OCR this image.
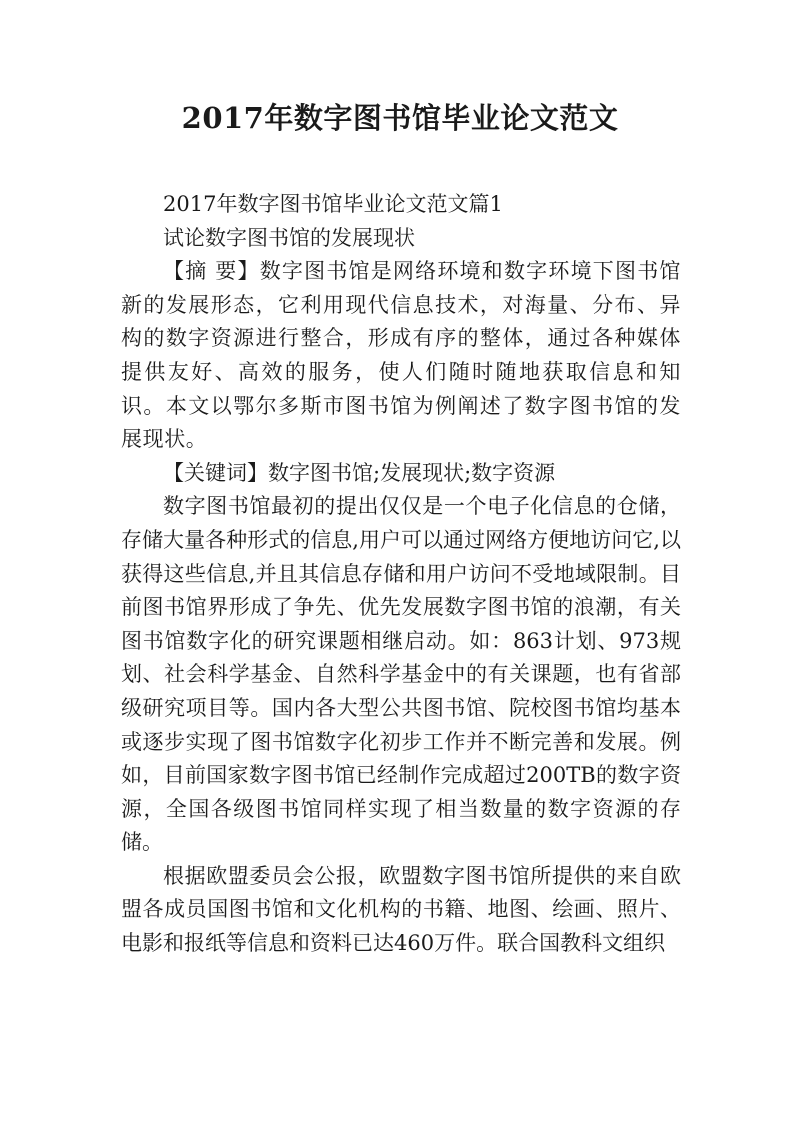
2017年数字图书馆毕业论文范文

2017年数字图书馆毕业论文范文篇1

试论数字图书馆的发展现状

【摘 要】数字图书馆是网络环境和数字环境下图书馆新的发展形态，它利用现代信息技术，对海量、分布、异构的数字资源进行整合，形成有序的整体，通过各种媒体提供友好、高效的服务，使人们随时随地获取信息和知识。本文以鄂尔多斯市图书馆为例阐述了数字图书馆的发展现状。

【关键词】数字图书馆;发展现状;数字资源

数字图书馆最初的提出仅仅是一个电子化信息的仓储，存储大量各种形式的信息,用户可以通过网络方便地访问它,以获得这些信息,并且其信息存储和用户访问不受地域限制。目前图书馆界形成了争先、优先发展数字图书馆的浪潮，有关图书馆数字化的研究课题相继启动。如：863计划、973规划、社会科学基金、自然科学基金中的有关课题，也有省部级研究项目等。国内各大型公共图书馆、院校图书馆均基本或逐步实现了图书馆数字化初步工作并不断完善和发展。例如，目前国家数字图书馆已经制作完成超过200TB的数字资源，全国各级图书馆同样实现了相当数量的数字资源的存储。

根据欧盟委员会公报，欧盟数字图书馆所提供的来自欧盟各成员国图书馆和文化机构的书籍、地图、绘画、照片、电影和报纸等信息和资料已达460万件。联合国教科文组织
